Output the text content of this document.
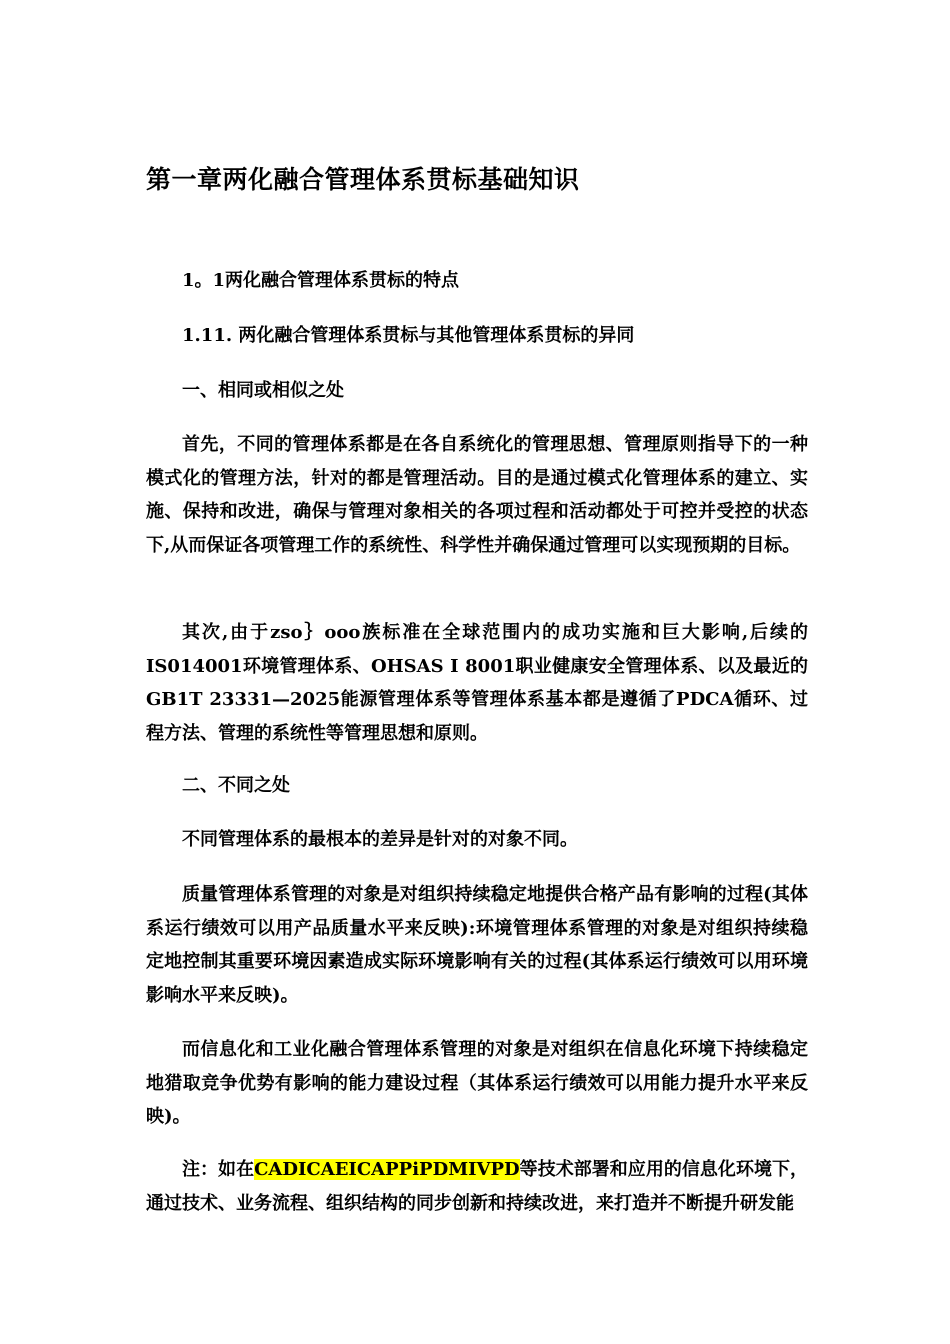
第一章两化融合管理体系贯标基础知识
1。1两化融合管理体系贯标的特点
1.11. 两化融合管理体系贯标与其他管理体系贯标的异同
一、相同或相似之处
首先，不同的管理体系都是在各自系统化的管理思想、管理原则指导下的一种模式化的管理方法，针对的都是管理活动。目的是通过模式化管理体系的建立、实施、保持和改进，确保与管理对象相关的各项过程和活动都处于可控并受控的状态下,从而保证各项管理工作的系统性、科学性并确保通过管理可以实现预期的目标。
其次,由于zso｝ooo族标准在全球范围内的成功实施和巨大影响,后续的IS014001环境管理体系、OHSAS I 8001职业健康安全管理体系、以及最近的GB1T 23331—2025能源管理体系等管理体系基本都是遵循了PDCA循环、过程方法、管理的系统性等管理思想和原则。
二、不同之处
不同管理体系的最根本的差异是针对的对象不同。
质量管理体系管理的对象是对组织持续稳定地提供合格产品有影响的过程(其体系运行绩效可以用产品质量水平来反映):环境管理体系管理的对象是对组织持续稳定地控制其重要环境因素造成实际环境影响有关的过程(其体系运行绩效可以用环境影响水平来反映)。
而信息化和工业化融合管理体系管理的对象是对组织在信息化环境下持续稳定地猎取竞争优势有影响的能力建设过程（其体系运行绩效可以用能力提升水平来反映)。
注：如在CADICAEICAPPiPDMIVPD等技术部署和应用的信息化环境下，通过技术、业务流程、组织结构的同步创新和持续改进，来打造并不断提升研发能
